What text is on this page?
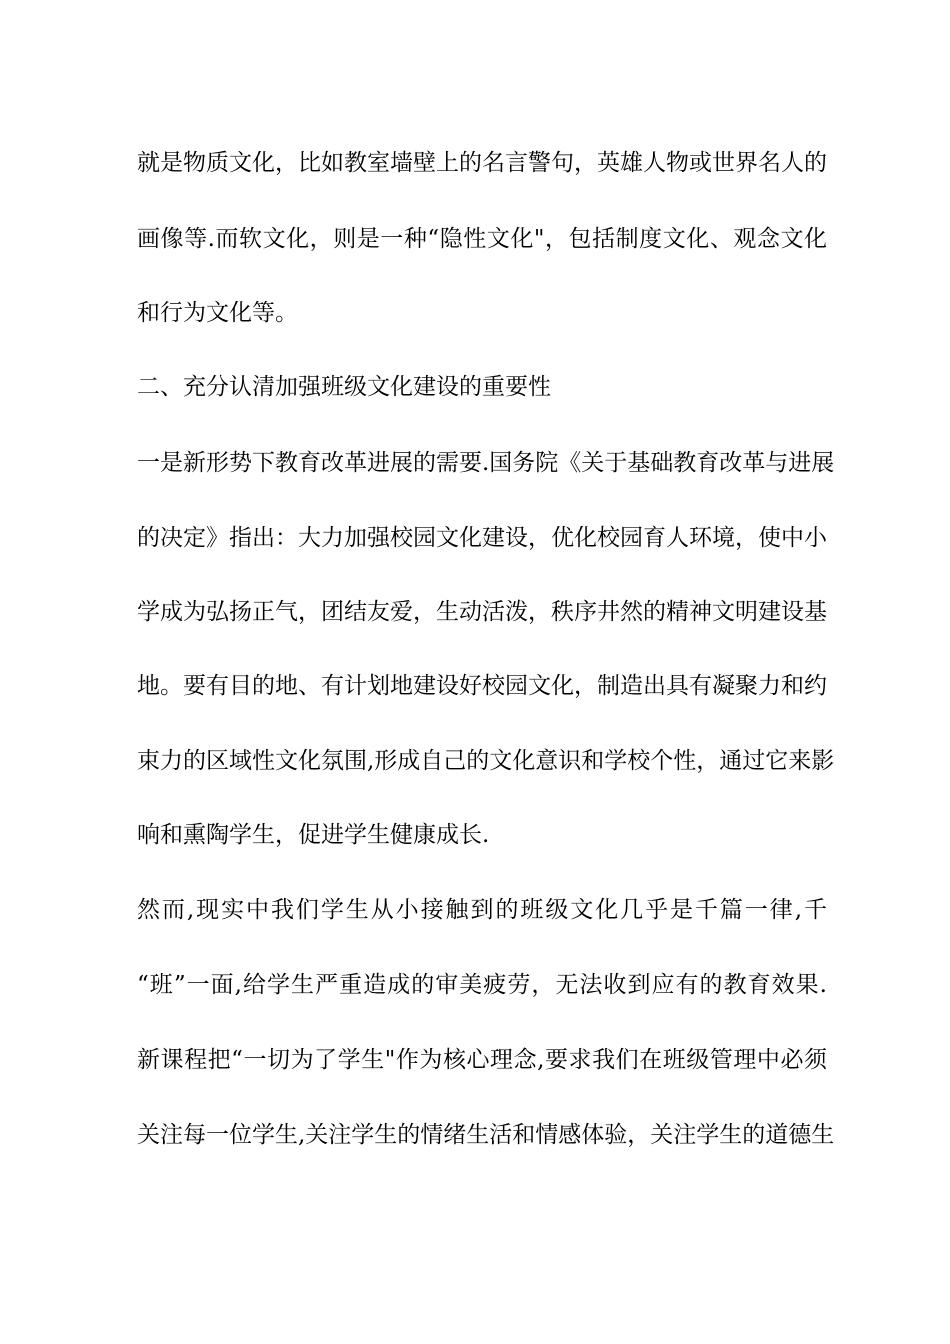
就是物质文化，比如教室墙壁上的名言警句，英雄人物或世界名人的
画像等.而软文化，则是一种“隐性文化"，包括制度文化、观念文化
和行为文化等。
二、充分认清加强班级文化建设的重要性
一是新形势下教育改革进展的需要.国务院《关于基础教育改革与进展
的决定》指出：大力加强校园文化建设，优化校园育人环境，使中小
学成为弘扬正气，团结友爱，生动活泼，秩序井然的精神文明建设基
地。要有目的地、有计划地建设好校园文化，制造出具有凝聚力和约
束力的区域性文化氛围,形成自己的文化意识和学校个性，通过它来影
响和熏陶学生，促进学生健康成长.
然而,现实中我们学生从小接触到的班级文化几乎是千篇一律,千
“班”一面,给学生严重造成的审美疲劳，无法收到应有的教育效果.
新课程把“一切为了学生"作为核心理念,要求我们在班级管理中必须
关注每一位学生,关注学生的情绪生活和情感体验，关注学生的道德生
